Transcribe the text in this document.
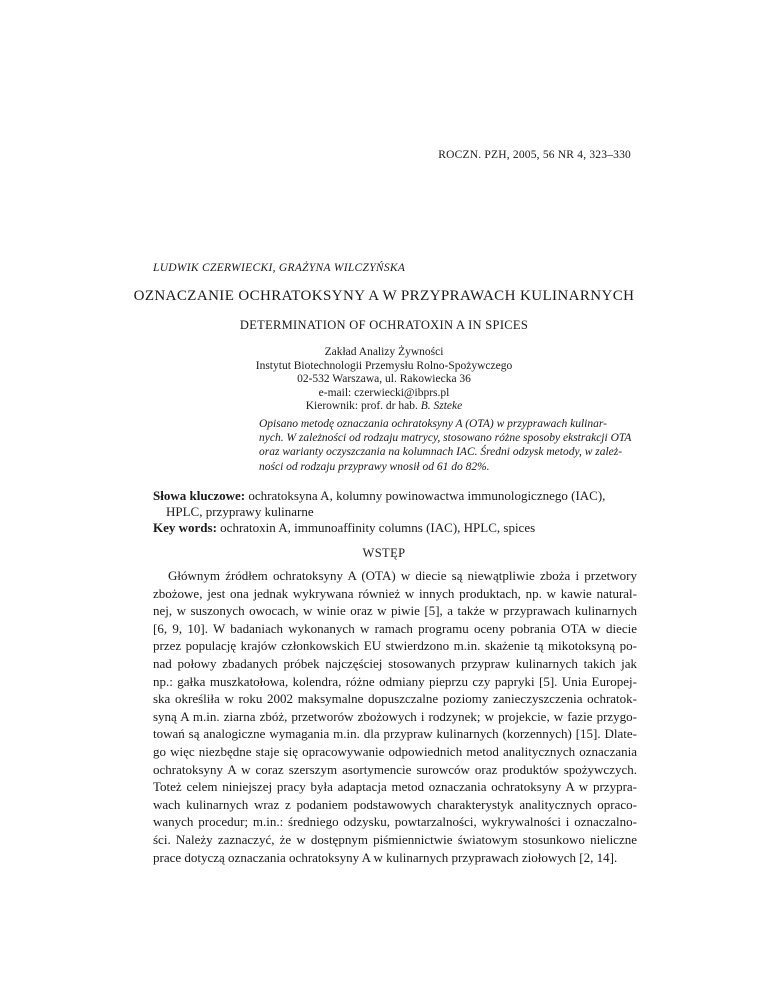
ROCZN. PZH, 2005, 56 NR 4, 323–330
LUDWIK CZERWIECKI, GRAŻYNA WILCZYŃSKA
OZNACZANIE OCHRATOKSYNY A W PRZYPRAWACH KULINARNYCH
DETERMINATION OF OCHRATOXIN A IN SPICES
Zakład Analizy Żywności
Instytut Biotechnologii Przemysłu Rolno-Spożywczego
02-532 Warszawa, ul. Rakowiecka 36
e-mail: czerwiecki@ibprs.pl
Kierownik: prof. dr hab. B. Szteke
Opisano metodę oznaczania ochratoksyny A (OTA) w przyprawach kulinar-
nych. W zależności od rodzaju matrycy, stosowano różne sposoby ekstrakcji OTA
oraz warianty oczyszczania na kolumnach IAC. Średni odzysk metody, w zależ-
ności od rodzaju przyprawy wnosił od 61 do 82%.
Słowa kluczowe: ochratoksyna A, kolumny powinowactwa immunologicznego (IAC),
HPLC, przyprawy kulinarne
Key words: ochratoxin A, immunoaffinity columns (IAC), HPLC, spices
WSTĘP
Głównym źródłem ochratoksyny A (OTA) w diecie są niewątpliwie zboża i przetwory
zbożowe, jest ona jednak wykrywana również w innych produktach, np. w kawie natural-
nej, w suszonych owocach, w winie oraz w piwie [5], a także w przyprawach kulinarnych
[6, 9, 10]. W badaniach wykonanych w ramach programu oceny pobrania OTA w diecie
przez populację krajów członkowskich EU stwierdzono m.in. skażenie tą mikotoksyną po-
nad połowy zbadanych próbek najczęściej stosowanych przypraw kulinarnych takich jak
np.: gałka muszkatołowa, kolendra, różne odmiany pieprzu czy papryki [5]. Unia Europej-
ska określiła w roku 2002 maksymalne dopuszczalne poziomy zanieczyszczenia ochratok-
syną A m.in. ziarna zbóż, przetworów zbożowych i rodzynek; w projekcie, w fazie przygo-
towań są analogiczne wymagania m.in. dla przypraw kulinarnych (korzennych) [15]. Dlate-
go więc niezbędne staje się opracowywanie odpowiednich metod analitycznych oznaczania
ochratoksyny A w coraz szerszym asortymencie surowców oraz produktów spożywczych.
Toteż celem niniejszej pracy była adaptacja metod oznaczania ochratoksyny A w przypra-
wach kulinarnych wraz z podaniem podstawowych charakterystyk analitycznych opraco-
wanych procedur; m.in.: średniego odzysku, powtarzalności, wykrywalności i oznaczalno-
ści. Należy zaznaczyć, że w dostępnym piśmiennictwie światowym stosunkowo nieliczne
prace dotyczą oznaczania ochratoksyny A w kulinarnych przyprawach ziołowych [2, 14].
